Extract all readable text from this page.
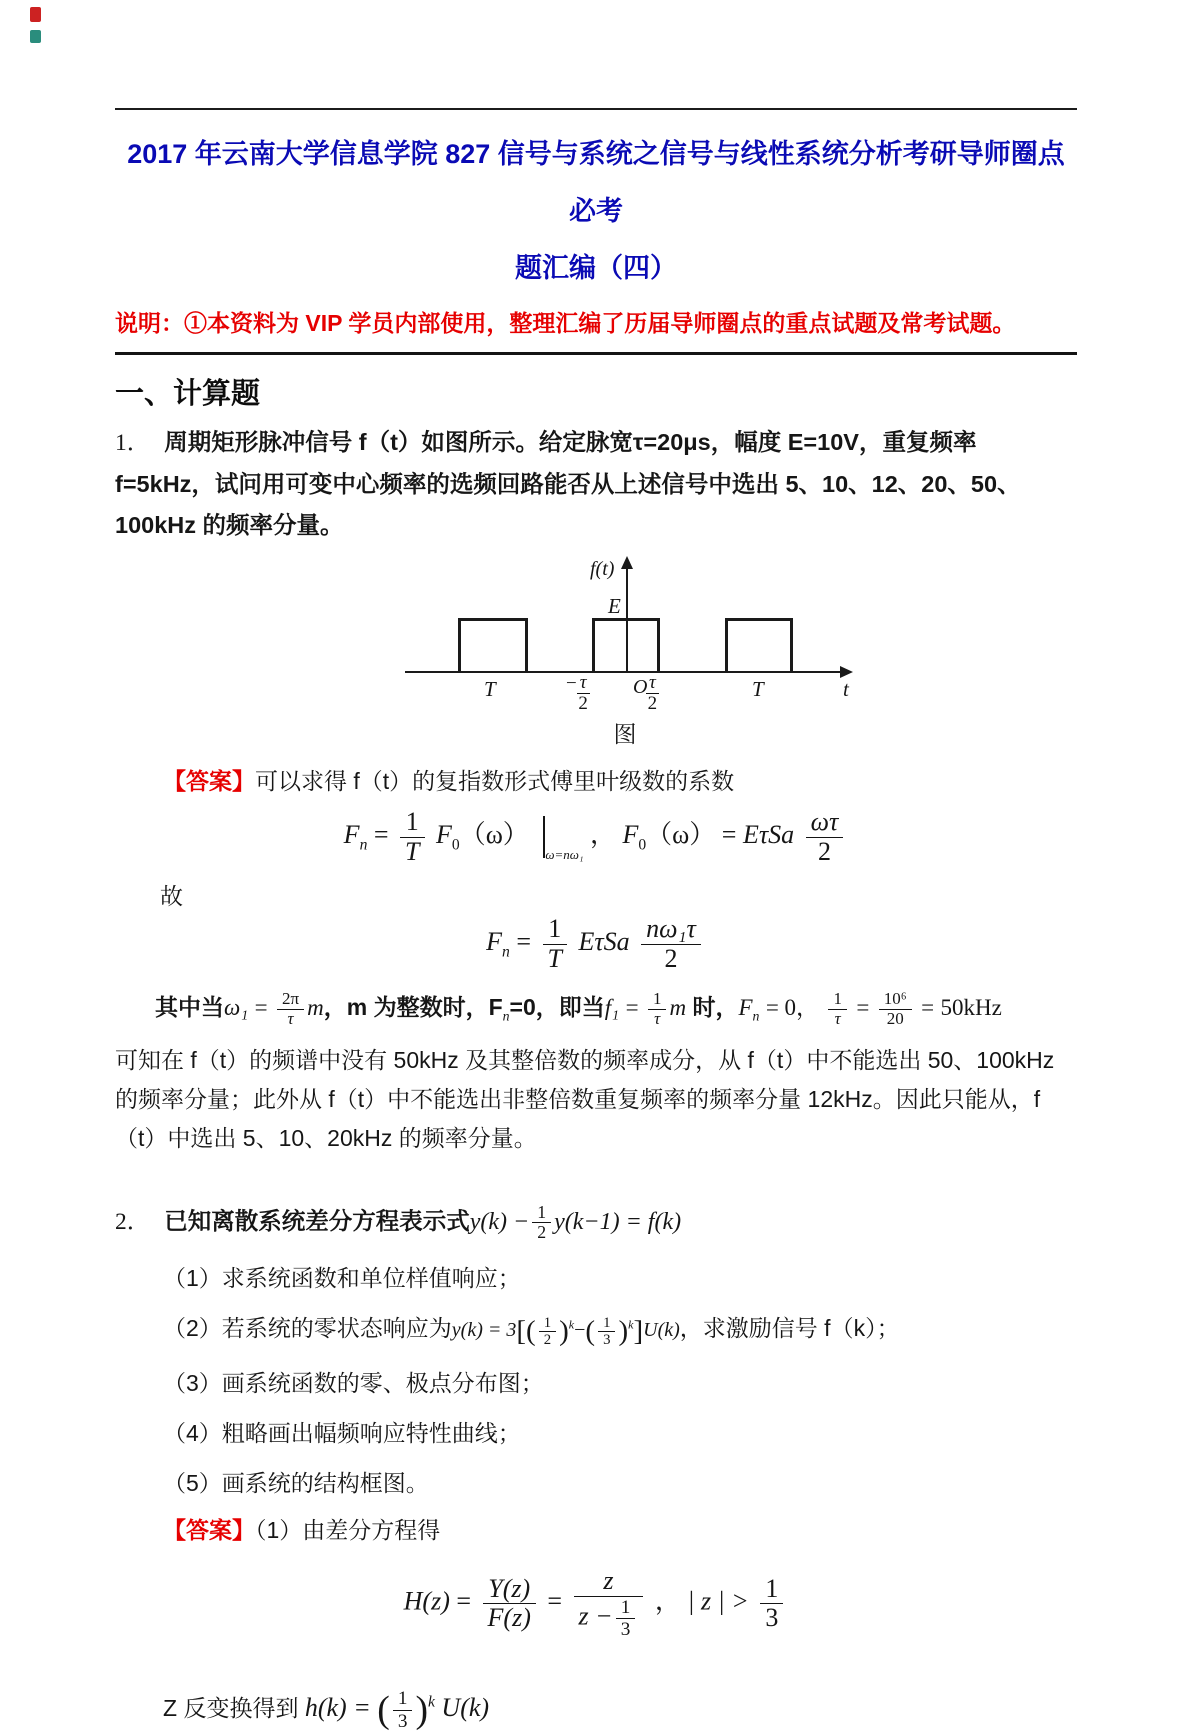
2017 年云南大学信息学院 827 信号与系统之信号与线性系统分析考研导师圈点必考
题汇编（四）

说明：①本资料为 VIP 学员内部使用，整理汇编了历届导师圈点的重点试题及常考试题。

一、计算题

1． 周期矩形脉冲信号 f（t）如图所示。给定脉宽τ=20μs，幅度 E=10V，重复频率 f=5kHz，试问用可变中心频率的选频回路能否从上述信号中选出 5、10、12、20、50、100kHz 的频率分量。

f(t)
E
T	− $\frac{\tau}{2}$ O
$\frac{\tau}{2}$	T	t
图

【答案】可以求得 f（t）的复指数形式傅里叶级数的系数

$F_n = \frac{1}{T} F_0(\omega)$ $_{\omega=n\omega_1}$ ， $F_0(\omega) = E\tau Sa \frac{\omega\tau}{2}$

故

$F_n = \frac{1}{T}$ EτSa $\frac{\text{nω₁τ}}{2}$

其中当$\omega_1 = \frac{2\pi}{\tau}$ m，m 为整数时，$F_n=0$，即当$f_1 = \frac{1}{\tau}$ m 时，$F_n = 0$， $\frac{1}{\tau} = \frac{\text{10⁶}}{20} = 50kHz$

可知在 f（t）的频谱中没有 50kHz 及其整倍数的频率成分，从 f（t）中不能选出 50、100kHz 的频率分量；此外从 f（t）中不能选出非整倍数重复频率的频率分量 12kHz。因此只能从，f（t）中选出 5、10、20kHz 的频率分量。

2． 已知离散系统差分方程表示式$y(k) - \frac{1}{2} y(k-1) = f(k)$

（1）求系统函数和单位样值响应；

（2）若系统的零状态响应为$y(k) = 3[( \frac{1}{2} )^k-( \frac{1}{3} )^k]U(k)$，求激励信号 f（k）；

（3）画系统函数的零、极点分布图；

（4）粗略画出幅频响应特性曲线；

（5）画系统的结构框图。

【答案】（1）由差分方程得

$H(z) = \frac{Y(z)}{F(z)} = \frac{z}{z - \frac{1}{3}}$ ， | z | > $\frac{1}{3}$

Z 反变换得到 h(k) = ( $\frac{1}{3} )^k$ U(k)
